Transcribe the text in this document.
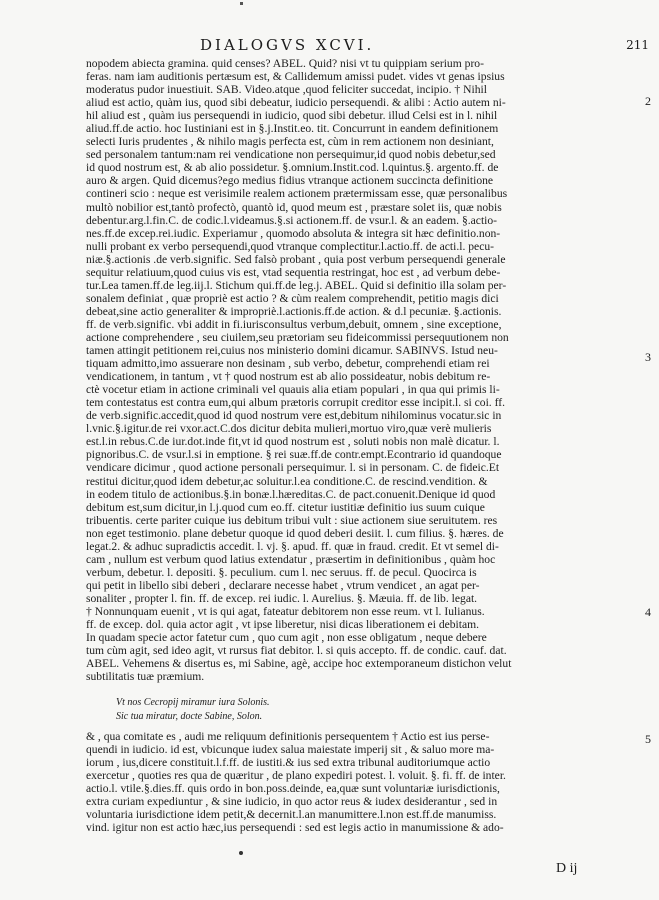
DIALOGVS XCVI.	211
nopodem abiecta gramina. quid censes? ABEL. Quid? nisi vt tu quippiam serium pro-
feras. nam iam auditionis pertæsum est, & Callidemum amissi pudet. vides vt genas ipsius
moderatus pudor inuestiuit. SAB. Video.atque ,quod feliciter succedat, incipio. † Nihil
aliud est actio, quàm ius, quod sibi debeatur, iudicio persequendi. & alibi : Actio autem ni-
hil aliud est , quàm ius persequendi in iudicio, quod sibi debetur. illud Celsi est in l. nihil
aliud.ff.de actio. hoc Iustiniani est in §.j.Instit.eo. tit. Concurrunt in eandem definitionem
selecti Iuris prudentes , & nihilo magis perfecta est, cùm in rem actionem non desiniant,
sed personalem tantum:nam rei vendicatione non persequimur,id quod nobis debetur,sed
id quod nostrum est, & ab alio possidetur. §.omnium.Instit.cod. l.quintus.§. argento.ff. de
auro & argen. Quid dicemus?ego medius fidius vtranque actionem succincta definitione
contineri scio : neque est verisimile realem actionem prætermissam esse, quæ personalibus
multò nobilior est,tantò profectò, quantò id, quod meum est , præstare solet iis, quæ nobis
debentur.arg.l.fin.C. de codic.l.videamus.§.si actionem.ff. de vsur.l. & an eadem. §.actio-
nes.ff.de excep.rei.iudic. Experiamur , quomodo absoluta & integra sit hæc definitio.non-
nulli probant ex verbo persequendi,quod vtranque complectitur.l.actio.ff. de acti.l. pecu-
niæ.§.actionis .de verb.signific. Sed falsò probant , quia post verbum persequendi generale
sequitur relatiuum,quod cuius vis est, vtad sequentia restringat, hoc est , ad verbum debe-
tur.Lea tamen.ff.de leg.iij.l. Stichum qui.ff.de leg.j. ABEL. Quid si definitio illa solam per-
sonalem definiat , quæ propriè est actio ? & cùm realem comprehendit, petitio magis dici
debeat,sine actio generaliter & impropriè.l.actionis.ff.de action. & d.l pecuniæ. §.actionis.
ff. de verb.signific. vbi addit in fi.iurisconsultus verbum,debuit, omnem , sine exceptione,
actione comprehendere , seu ciuilem,seu prætoriam seu fideicommissi persequutionem non
tamen attingit petitionem rei,cuius nos ministerio domini dicamur. SABINVS. Istud neu-
tiquam admitto,imo assuerare non desinam , sub verbo, debetur, comprehendi etiam rei
vendicationem, in tantum , vt † quod nostrum est ab alio possideatur, nobis debitum re-
ctè vocetur etiam in actione criminali vel quauis alia etiam populari , in qua qui primis li-
tem contestatus est contra eum,qui album prætoris corrupit creditor esse incipit.l. si coi. ff.
de verb.signific.accedit,quod id quod nostrum vere est,debitum nihilominus vocatur.sic in
l.vnic.§.igitur.de rei vxor.act.C.dos dicitur debita mulieri,mortuo viro,quæ verè mulieris
est.l.in rebus.C.de iur.dot.inde fit,vt id quod nostrum est , soluti nobis non malè dicatur. l.
pignoribus.C. de vsur.l.si in emptione. § rei suæ.ff.de contr.empt.Econtrario id quandoque
vendicare dicimur , quod actione personali persequimur. l. si in personam. C. de fideic.Et
restitui dicitur,quod idem debetur,ac soluitur.l.ea conditione.C. de rescind.vendition. &
in eodem titulo de actionibus.§.in bonæ.l.hæreditas.C. de pact.conuenit.Denique id quod
debitum est,sum dicitur,in l.j.quod cum eo.ff. citetur iustitiæ definitio ius suum cuique
tribuentis. certe pariter cuique ius debitum tribui vult : siue actionem siue seruitutem. res
non eget testimonio. plane debetur quoque id quod deberi desiit. l. cum filius. §. hæres. de
legat.2. & adhuc supradictis accedit. l. vj. §. apud. ff. quæ in fraud. credit. Et vt semel di-
cam , nullum est verbum quod latius extendatur , præsertim in definitionibus , quàm hoc
verbum, debetur. l. depositi. §. peculium. cum l. nec seruus. ff. de pecul. Quocirca is
qui petit in libello sibi deberi , declarare necesse habet , vtrum vendicet , an agat per-
sonaliter , propter l. fin. ff. de excep. rei iudic. l. Aurelius. §. Mæuia. ff. de lib. legat.
† Nonnunquam euenit , vt is qui agat, fateatur debitorem non esse reum. vt l. Iulianus.
ff. de excep. dol. quia actor agit , vt ipse liberetur, nisi dicas liberationem ei debitam.
In quadam specie actor fatetur cum , quo cum agit , non esse obligatum , neque debere
tum cùm agit, sed ideo agit, vt rursus fiat debitor. l. si quis accepto. ff. de condic. cauf. dat.
ABEL. Vehemens & disertus es, mi Sabine, agè, accipe hoc extemporaneum distichon velut
subtilitatis tuæ præmium.
Vt nos Cecropij miramur iura Solonis.
Sic tua miratur, docte Sabine, Solon.
& , qua comitate es , audi me reliquum definitionis persequentem † Actio est ius perse-
quendi in iudicio. id est, vbicunque iudex salua maiestate imperij sit , & saluo more ma-
iorum , ius,dicere constituit.l.f.ff. de iustiti.& ius sed extra tribunal auditoriumque actio
exercetur , quoties res qua de quæritur , de plano expediri potest. l. voluit. §. fi. ff. de inter.
actio.l. vtile.§.dies.ff. quis ordo in bon.poss.deinde, ea,quæ sunt voluntariæ iurisdictionis,
extra curiam expediuntur , & sine iudicio, in quo actor reus & iudex desiderantur , sed in
voluntaria iurisdictione idem petit,& decernit.l.an manumittere.l.non est.ff.de manumiss.
vind. igitur non est actio hæc,ius persequendi : sed est legis actio in manumissione & ado-
2
3
4
5
D ij
